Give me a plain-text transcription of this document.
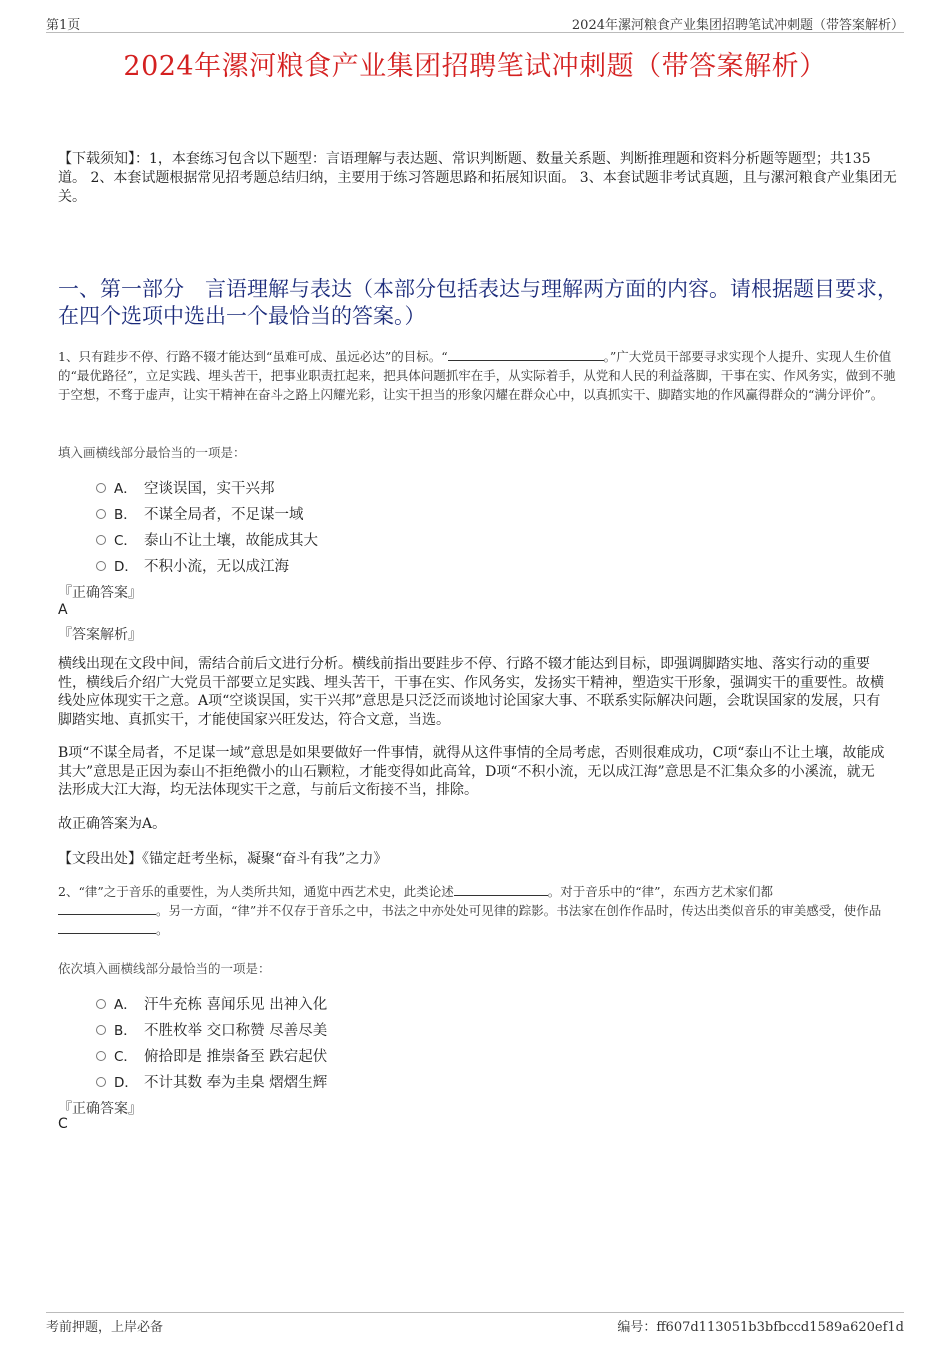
第1页	2024年漯河粮食产业集团招聘笔试冲刺题（带答案解析）
2024年漯河粮食产业集团招聘笔试冲刺题（带答案解析）
【下载须知】：1，本套练习包含以下题型：言语理解与表达题、常识判断题、数量关系题、判断推理题和资料分析题等题型；共135道。 2、本套试题根据常见招考题总结归纳，主要用于练习答题思路和拓展知识面。 3、本套试题非考试真题，且与漯河粮食产业集团无关。
一、第一部分　言语理解与表达（本部分包括表达与理解两方面的内容。请根据题目要求，在四个选项中选出一个最恰当的答案。）
1、只有跬步不停、行路不辍才能达到“虽难可成、虽远必达”的目标。“	。”广大党员干部要寻求实现个人提升、实现人生价值的“最优路径”，立足实践、埋头苦干，把事业职责扛起来，把具体问题抓牢在手，从实际着手，从党和人民的利益落脚，干事在实、作风务实，做到不驰于空想，不骛于虚声，让实干精神在奋斗之路上闪耀光彩，让实干担当的形象闪耀在群众心中，以真抓实干、脚踏实地的作风赢得群众的“满分评价”。
填入画横线部分最恰当的一项是：
A． 空谈误国，实干兴邦
B． 不谋全局者，不足谋一域
C． 泰山不让土壤，故能成其大
D． 不积小流，无以成江海
『正确答案』
A
『答案解析』
横线出现在文段中间，需结合前后文进行分析。横线前指出要跬步不停、行路不辍才能达到目标，即强调脚踏实地、落实行动的重要性，横线后介绍广大党员干部要立足实践、埋头苦干，干事在实、作风务实，发扬实干精神，塑造实干形象，强调实干的重要性。故横线处应体现实干之意。A项“空谈误国，实干兴邦”意思是只泛泛而谈地讨论国家大事、不联系实际解决问题，会耽误国家的发展，只有脚踏实地、真抓实干，才能使国家兴旺发达，符合文意，当选。
B项“不谋全局者，不足谋一域”意思是如果要做好一件事情，就得从这件事情的全局考虑，否则很难成功，C项“泰山不让土壤，故能成其大”意思是正因为泰山不拒绝微小的山石颗粒，才能变得如此高耸，D项“不积小流，无以成江海”意思是不汇集众多的小溪流，就无法形成大江大海，均无法体现实干之意，与前后文衔接不当，排除。
故正确答案为A。
【文段出处】《锚定赶考坐标，凝聚“奋斗有我”之力》
2、“律”之于音乐的重要性，为人类所共知，通览中西艺术史，此类论述	。对于音乐中的“律”，东西方艺术家们都
。另一方面，“律”并不仅存于音乐之中，书法之中亦处处可见律的踪影。书法家在创作作品时，传达出类似音乐的审美感受，使作品。
依次填入画横线部分最恰当的一项是：
A． 汗牛充栋 喜闻乐见 出神入化
B． 不胜枚举 交口称赞 尽善尽美
C． 俯拾即是 推崇备至 跌宕起伏
D． 不计其数 奉为圭臬 熠熠生辉
『正确答案』
C
考前押题，上岸必备	编号：ff607d113051b3bfbccd1589a620ef1d
